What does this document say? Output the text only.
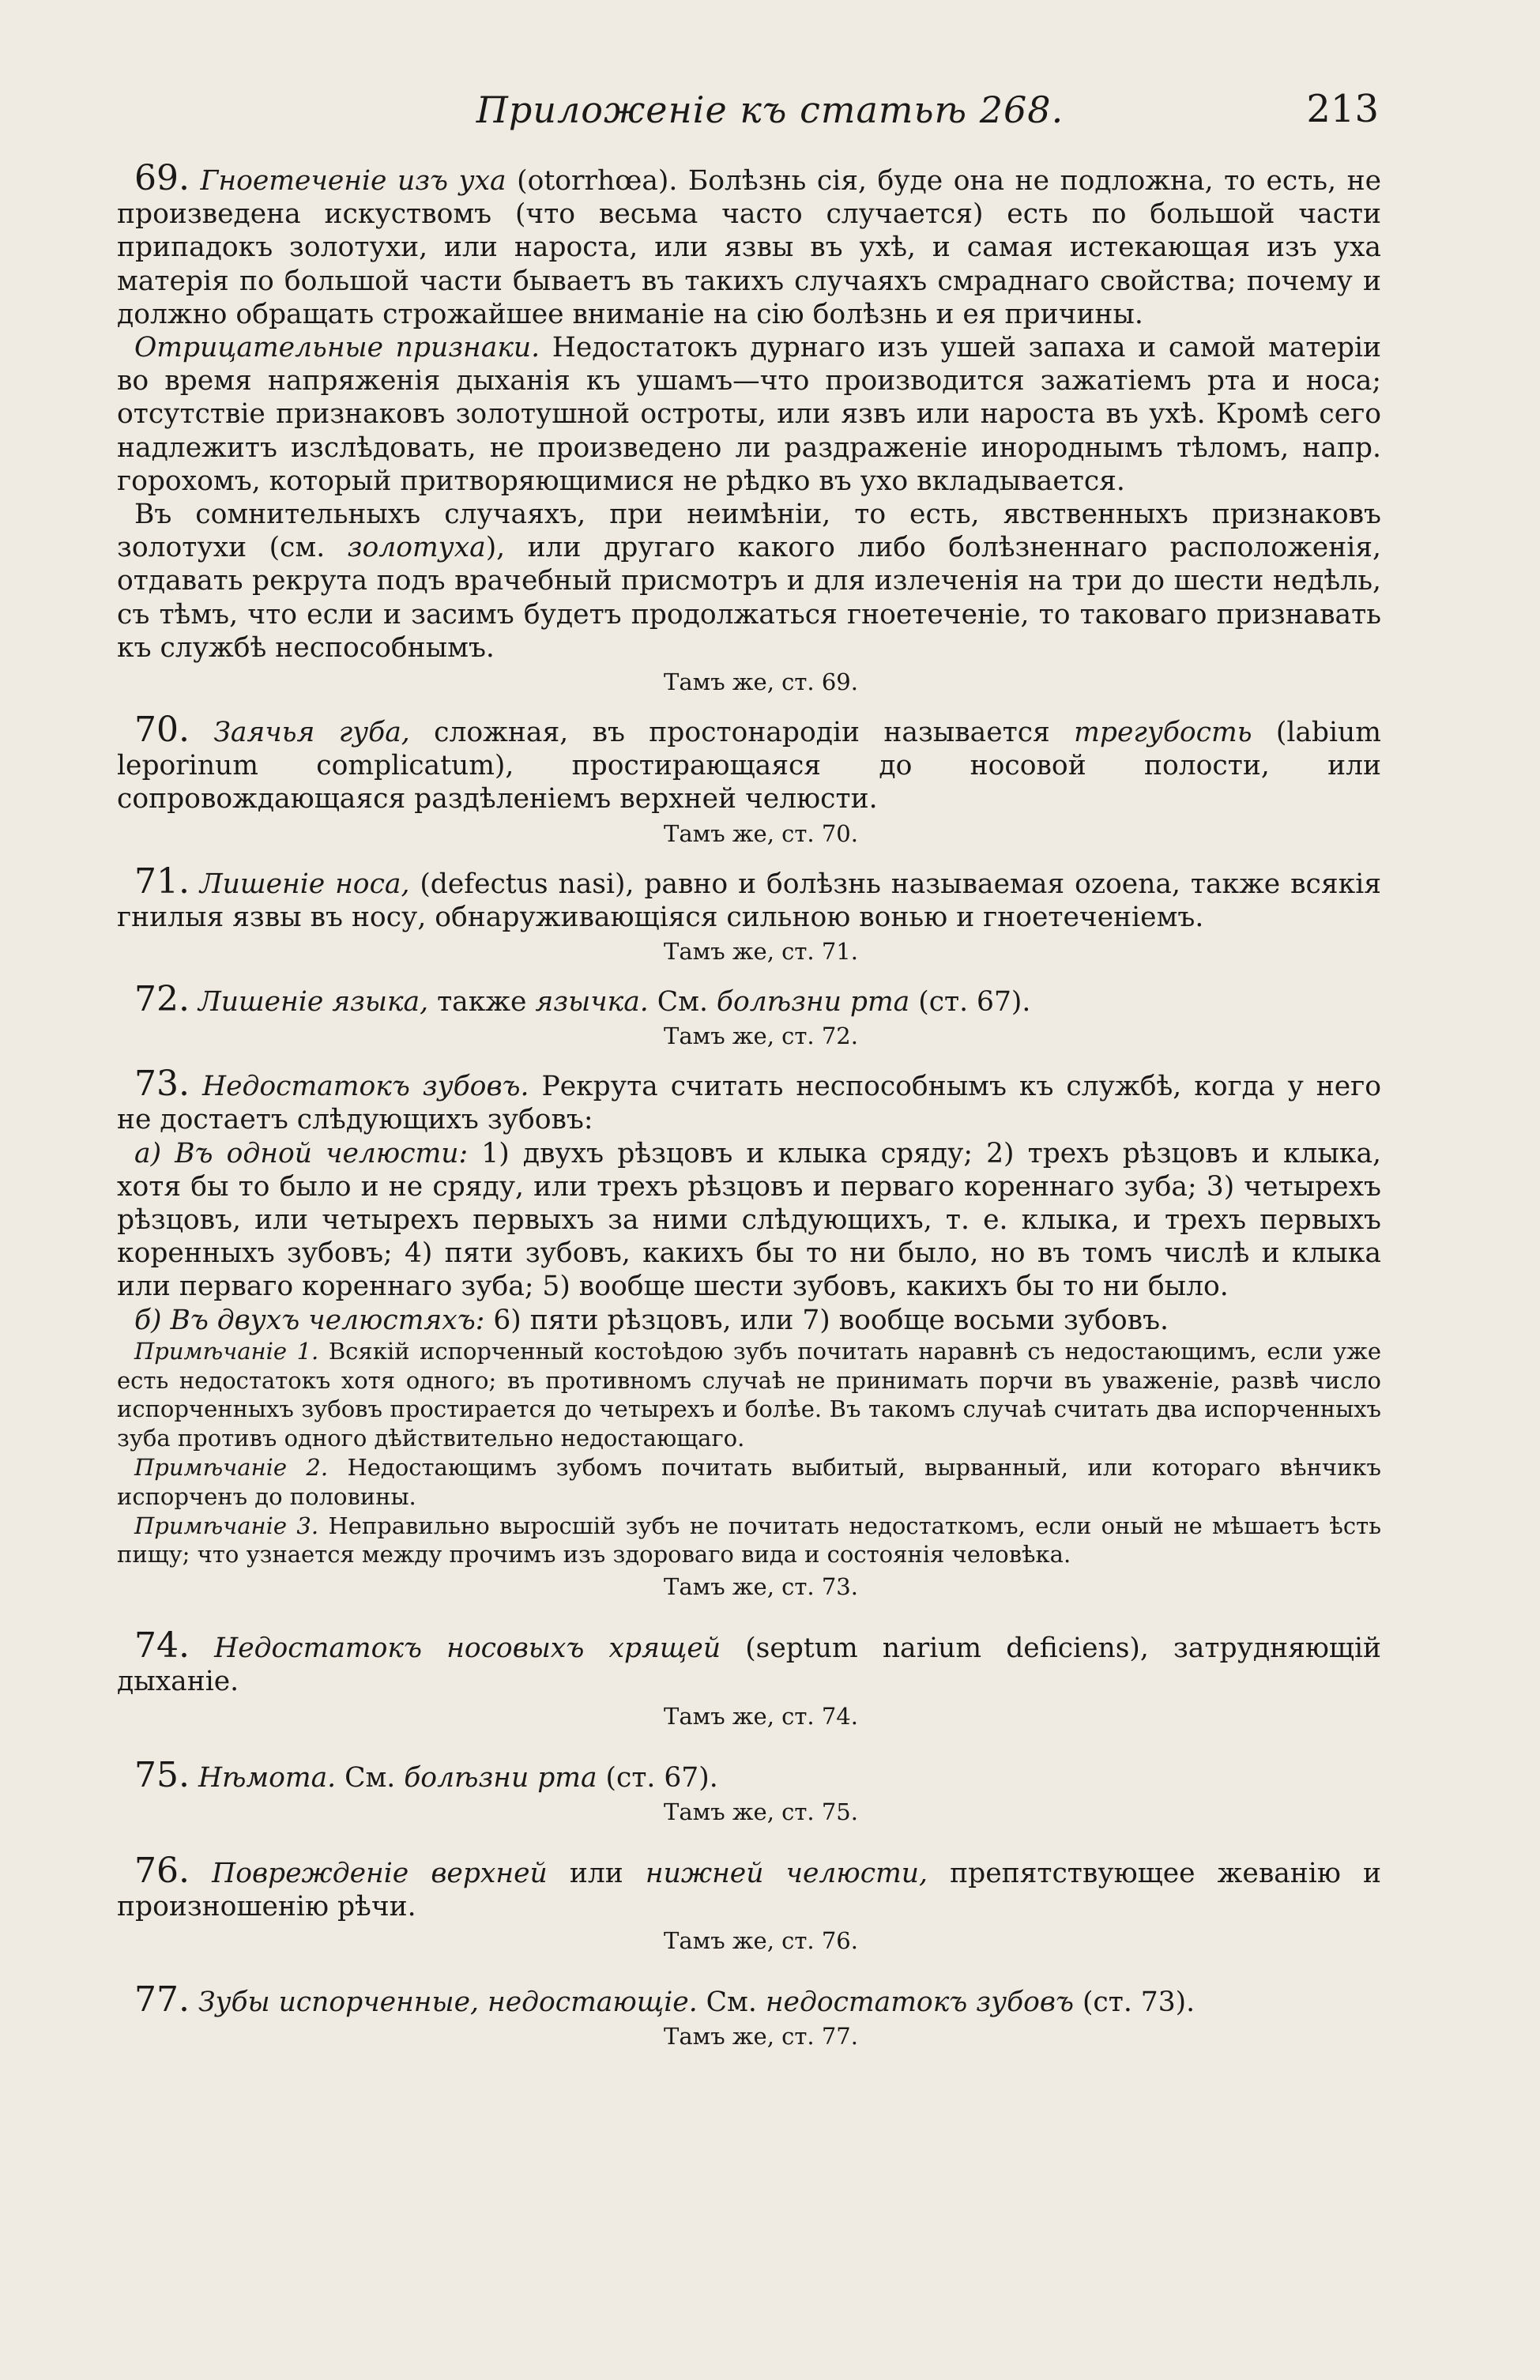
Приложеніе къ статьѣ 268.	213

69. Гноетеченіе изъ уха (otorrhœa). Болѣзнь сія, буде она не подложна, то есть, не произведена искуствомъ (что весьма часто случается) есть по большой части припадокъ золотухи, или нароста, или язвы въ ухѣ, и самая истекающая изъ уха матерія по большой части бываетъ въ такихъ случаяхъ смраднаго свойства; почему и должно обращать строжайшее вниманіе на сію болѣзнь и ея причины.

Отрицательные признаки. Недостатокъ дурнаго изъ ушей запаха и самой матеріи во время напряженія дыханія къ ушамъ—что производится зажатіемъ рта и носа; отсутствіе признаковъ золотушной остроты, или язвъ или нароста въ ухѣ. Кромѣ сего надлежитъ изслѣдовать, не произведено ли раздраженіе инороднымъ тѣломъ, напр. горохомъ, который притворяющимися не рѣдко въ ухо вкладывается.

Въ сомнительныхъ случаяхъ, при неимѣніи, то есть, явственныхъ признаковъ золотухи (см. золотуха), или другаго какого либо болѣзненнаго расположенія, отдавать рекрута подъ врачебный присмотръ и для излеченія на три до шести недѣль, съ тѣмъ, что если и засимъ будетъ продолжаться гноетеченіе, то таковаго признавать къ службѣ неспособнымъ.

Тамъ же, ст. 69.

70. Заячья губа, сложная, въ простонародіи называется трегубость (labium leporinum complicatum), простирающаяся до носовой полости, или сопровождающаяся раздѣленіемъ верхней челюсти.

Тамъ же, ст. 70.

71. Лишеніе носа, (defectus nasi), равно и болѣзнь называемая ozoena, также всякія гнилыя язвы въ носу, обнаруживающіяся сильною вонью и гноетеченіемъ.

Тамъ же, ст. 71.

72. Лишеніе языка, также язычка. См. болѣзни рта (ст. 67).

Тамъ же, ст. 72.

73. Недостатокъ зубовъ. Рекрута считать неспособнымъ къ службѣ, когда у него не достаетъ слѣдующихъ зубовъ:

а) Въ одной челюсти: 1) двухъ рѣзцовъ и клыка сряду; 2) трехъ рѣзцовъ и клыка, хотя бы то было и не сряду, или трехъ рѣзцовъ и перваго кореннаго зуба; 3) четырехъ рѣзцовъ, или четырехъ первыхъ за ними слѣдующихъ, т. е. клыка, и трехъ первыхъ коренныхъ зубовъ; 4) пяти зубовъ, какихъ бы то ни было, но въ томъ числѣ и клыка или перваго кореннаго зуба; 5) вообще шести зубовъ, какихъ бы то ни было.

б) Въ двухъ челюстяхъ: 6) пяти рѣзцовъ, или 7) вообще восьми зубовъ.

Примѣчаніе 1. Всякій испорченный костоѣдою зубъ почитать наравнѣ съ недостающимъ, если уже есть недостатокъ хотя одного; въ противномъ случаѣ не принимать порчи въ уваженіе, развѣ число испорченныхъ зубовъ простирается до четырехъ и болѣе. Въ такомъ случаѣ считать два испорченныхъ зуба противъ одного дѣйствительно недостающаго.

Примѣчаніе 2. Недостающимъ зубомъ почитать выбитый, вырванный, или котораго вѣнчикъ испорченъ до половины.

Примѣчаніе 3. Неправильно выросшій зубъ не почитать недостаткомъ, если оный не мѣшаетъ ѣсть пищу; что узнается между прочимъ изъ здороваго вида и состоянія человѣка.

Тамъ же, ст. 73.

74. Недостатокъ носовыхъ хрящей (septum narium deficiens), затрудняющій дыханіе.

Тамъ же, ст. 74.

75. Нѣмота. См. болѣзни рта (ст. 67).

Тамъ же, ст. 75.

76. Поврежденіе верхней или нижней челюсти, препятствующее жеванію и произношенію рѣчи.

Тамъ же, ст. 76.

77. Зубы испорченные, недостающіе. См. недостатокъ зубовъ (ст. 73).

Тамъ же, ст. 77.
